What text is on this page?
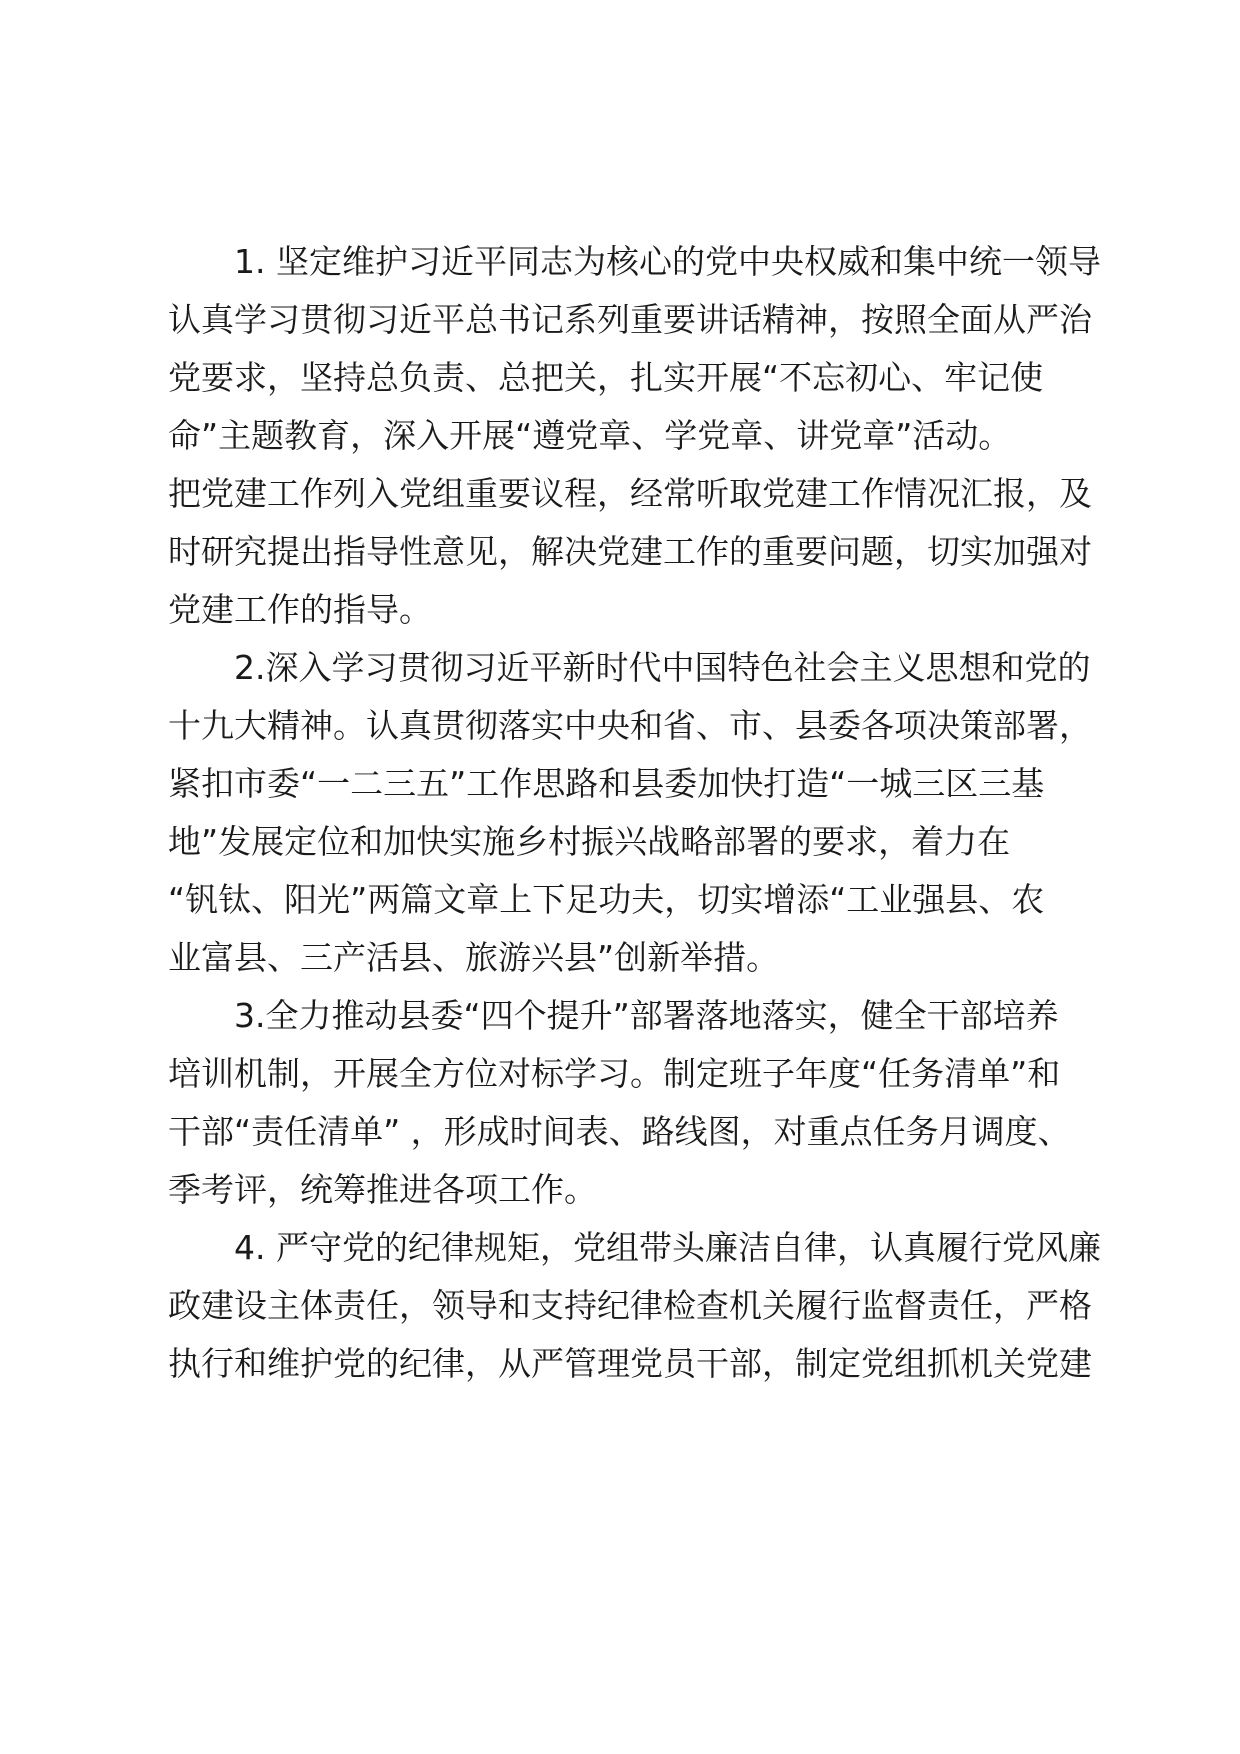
　　1. 坚定维护习近平同志为核心的党中央权威和集中统一领导
认真学习贯彻习近平总书记系列重要讲话精神，按照全面从严治
党要求，坚持总负责、总把关，扎实开展“不忘初心、牢记使
命”主题教育，深入开展“遵党章、学党章、讲党章”活动。
把党建工作列入党组重要议程，经常听取党建工作情况汇报，及
时研究提出指导性意见，解决党建工作的重要问题，切实加强对
党建工作的指导。
　　2.深入学习贯彻习近平新时代中国特色社会主义思想和党的
十九大精神。认真贯彻落实中央和省、市、县委各项决策部署，
紧扣市委“一二三五”工作思路和县委加快打造“一城三区三基
地”发展定位和加快实施乡村振兴战略部署的要求，着力在
“钒钛、阳光”两篇文章上下足功夫，切实增添“工业强县、农
业富县、三产活县、旅游兴县”创新举措。
　　3.全力推动县委“四个提升”部署落地落实，健全干部培养
培训机制，开展全方位对标学习。制定班子年度“任务清单”和
干部“责任清单” ，形成时间表、路线图，对重点任务月调度、
季考评，统筹推进各项工作。
　　4. 严守党的纪律规矩，党组带头廉洁自律，认真履行党风廉
政建设主体责任，领导和支持纪律检查机关履行监督责任，严格
执行和维护党的纪律，从严管理党员干部，制定党组抓机关党建
